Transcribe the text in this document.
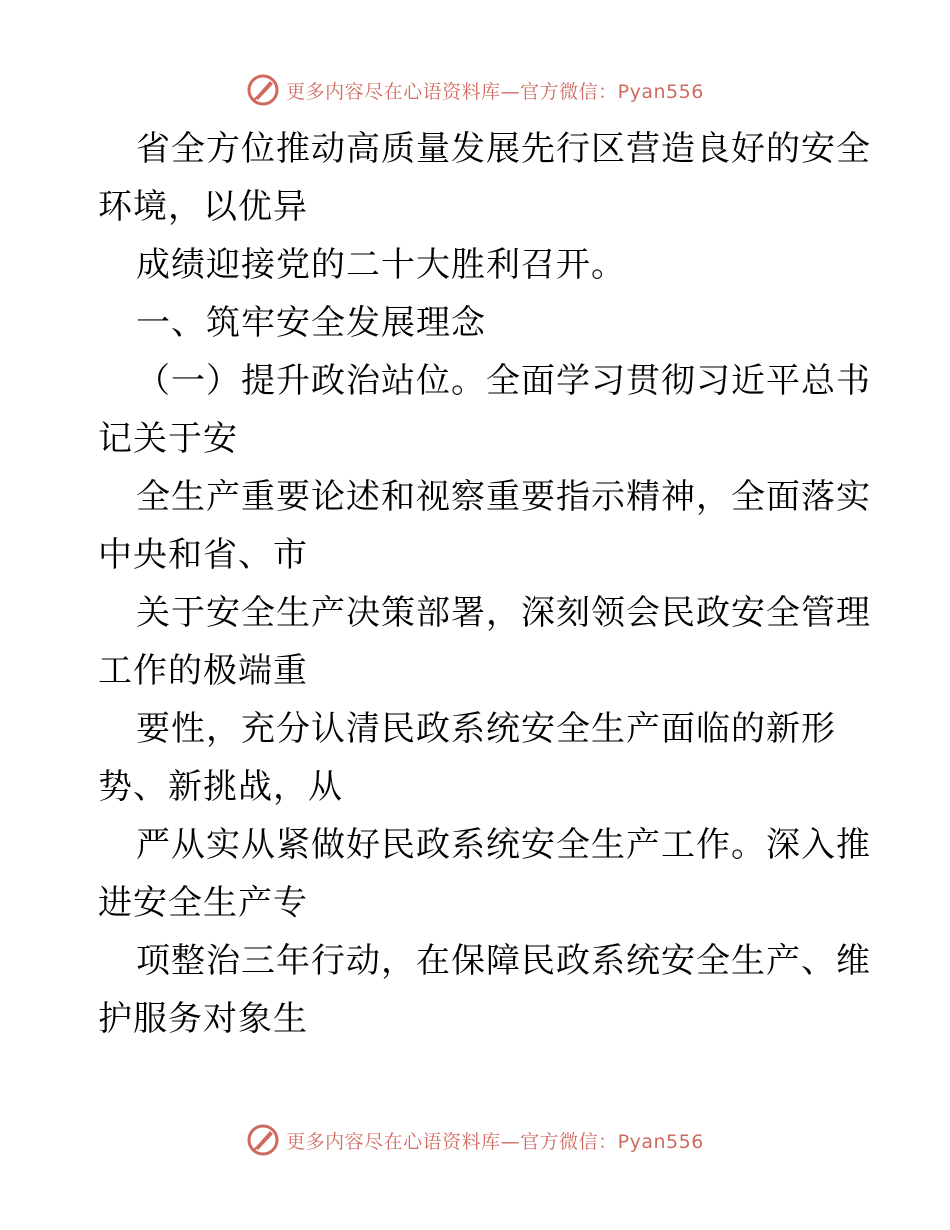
更多内容尽在心语资料库—官方微信：Pyan556
省全方位推动高质量发展先行区营造良好的安全
环境，以优异
成绩迎接党的二十大胜利召开。
一、筑牢安全发展理念
（一）提升政治站位。全面学习贯彻习近平总书
记关于安
全生产重要论述和视察重要指示精神，全面落实
中央和省、市
关于安全生产决策部署，深刻领会民政安全管理
工作的极端重
要性，充分认清民政系统安全生产面临的新形
势、新挑战，从
严从实从紧做好民政系统安全生产工作。深入推
进安全生产专
项整治三年行动，在保障民政系统安全生产、维
护服务对象生
更多内容尽在心语资料库—官方微信：Pyan556
